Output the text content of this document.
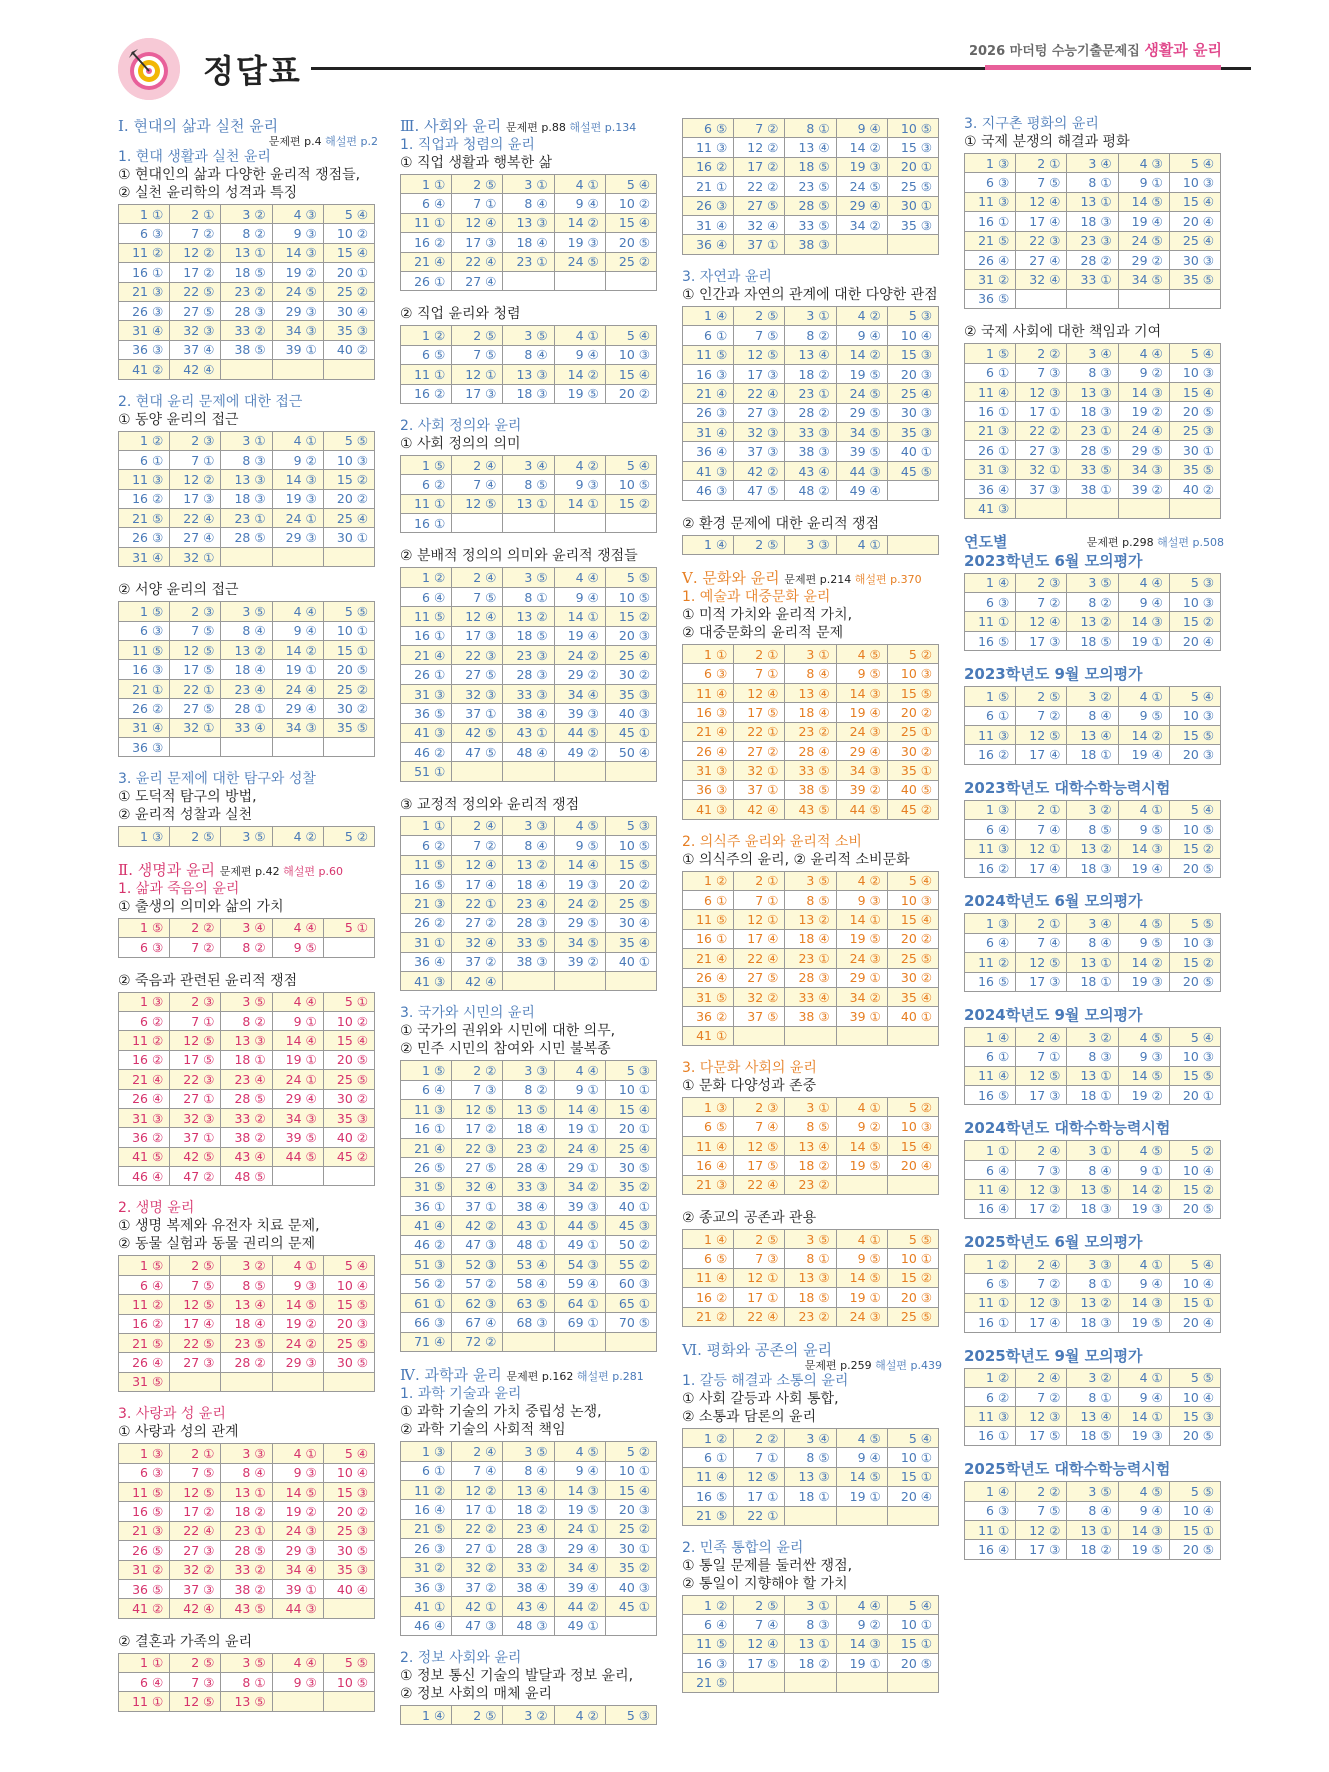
정답표
2026 마더텅 수능기출문제집 생활과 윤리
Ⅰ. 현대의 삶과 실천 윤리
문제편 p.4 해설편 p.2
1. 현대 생활과 실천 윤리
① 현대인의 삶과 다양한 윤리적 쟁점들,
② 실천 윤리학의 성격과 특징
1 ①	2 ①	3 ②	4 ③	5 ④
6 ③	7 ②	8 ②	9 ③	10 ②
11 ②	12 ②	13 ①	14 ③	15 ④
16 ①	17 ②	18 ⑤	19 ②	20 ①
21 ③	22 ⑤	23 ②	24 ⑤	25 ②
26 ③	27 ⑤	28 ③	29 ③	30 ④
31 ④	32 ③	33 ②	34 ③	35 ③
36 ③	37 ④	38 ⑤	39 ①	40 ②
41 ②	42 ④			
2. 현대 윤리 문제에 대한 접근
① 동양 윤리의 접근
1 ②	2 ③	3 ①	4 ①	5 ⑤
6 ①	7 ①	8 ③	9 ②	10 ③
11 ③	12 ②	13 ③	14 ③	15 ②
16 ②	17 ③	18 ③	19 ③	20 ②
21 ⑤	22 ④	23 ①	24 ①	25 ④
26 ③	27 ④	28 ⑤	29 ③	30 ①
31 ④	32 ①			
② 서양 윤리의 접근
1 ⑤	2 ③	3 ⑤	4 ④	5 ⑤
6 ③	7 ⑤	8 ④	9 ④	10 ①
11 ⑤	12 ⑤	13 ②	14 ②	15 ①
16 ③	17 ⑤	18 ④	19 ①	20 ⑤
21 ①	22 ①	23 ④	24 ④	25 ②
26 ②	27 ⑤	28 ①	29 ④	30 ②
31 ④	32 ①	33 ④	34 ③	35 ⑤
36 ③				
3. 윤리 문제에 대한 탐구와 성찰
① 도덕적 탐구의 방법,
② 윤리적 성찰과 실천
1 ③	2 ⑤	3 ⑤	4 ②	5 ②
Ⅱ. 생명과 윤리 문제편 p.42 해설편 p.60
1. 삶과 죽음의 윤리
① 출생의 의미와 삶의 가치
1 ⑤	2 ②	3 ④	4 ④	5 ①
6 ③	7 ②	8 ②	9 ⑤	
② 죽음과 관련된 윤리적 쟁점
1 ③	2 ③	3 ⑤	4 ④	5 ①
6 ②	7 ①	8 ②	9 ①	10 ②
11 ②	12 ⑤	13 ③	14 ④	15 ④
16 ②	17 ⑤	18 ①	19 ①	20 ⑤
21 ④	22 ③	23 ④	24 ①	25 ⑤
26 ④	27 ①	28 ⑤	29 ④	30 ②
31 ③	32 ③	33 ②	34 ③	35 ③
36 ②	37 ①	38 ②	39 ⑤	40 ②
41 ⑤	42 ⑤	43 ④	44 ⑤	45 ②
46 ④	47 ②	48 ⑤		
2. 생명 윤리
① 생명 복제와 유전자 치료 문제,
② 동물 실험과 동물 권리의 문제
1 ⑤	2 ⑤	3 ②	4 ①	5 ④
6 ④	7 ⑤	8 ⑤	9 ③	10 ④
11 ②	12 ⑤	13 ④	14 ⑤	15 ⑤
16 ②	17 ④	18 ④	19 ②	20 ③
21 ⑤	22 ⑤	23 ⑤	24 ②	25 ⑤
26 ④	27 ③	28 ②	29 ③	30 ⑤
31 ⑤				
3. 사랑과 성 윤리
① 사랑과 성의 관계
1 ③	2 ①	3 ③	4 ①	5 ④
6 ③	7 ⑤	8 ④	9 ③	10 ④
11 ⑤	12 ⑤	13 ①	14 ⑤	15 ③
16 ⑤	17 ②	18 ②	19 ②	20 ②
21 ③	22 ④	23 ①	24 ③	25 ③
26 ⑤	27 ③	28 ⑤	29 ③	30 ⑤
31 ②	32 ②	33 ②	34 ④	35 ③
36 ⑤	37 ③	38 ②	39 ①	40 ④
41 ②	42 ④	43 ⑤	44 ③	
② 결혼과 가족의 윤리
1 ①	2 ⑤	3 ⑤	4 ④	5 ⑤
6 ④	7 ③	8 ①	9 ③	10 ⑤
11 ①	12 ⑤	13 ⑤		
Ⅲ. 사회와 윤리 문제편 p.88 해설편 p.134
1. 직업과 청렴의 윤리
① 직업 생활과 행복한 삶
1 ①	2 ⑤	3 ①	4 ①	5 ④
6 ④	7 ①	8 ④	9 ④	10 ②
11 ①	12 ④	13 ③	14 ②	15 ④
16 ②	17 ③	18 ④	19 ③	20 ⑤
21 ④	22 ④	23 ①	24 ⑤	25 ②
26 ①	27 ④			
② 직업 윤리와 청렴
1 ②	2 ⑤	3 ⑤	4 ①	5 ④
6 ⑤	7 ⑤	8 ④	9 ④	10 ③
11 ①	12 ①	13 ③	14 ②	15 ④
16 ②	17 ③	18 ③	19 ⑤	20 ②
2. 사회 정의와 윤리
① 사회 정의의 의미
1 ⑤	2 ④	3 ④	4 ②	5 ④
6 ②	7 ④	8 ⑤	9 ③	10 ⑤
11 ①	12 ⑤	13 ①	14 ①	15 ②
16 ①				
② 분배적 정의의 의미와 윤리적 쟁점들
1 ②	2 ④	3 ⑤	4 ④	5 ⑤
6 ④	7 ⑤	8 ①	9 ④	10 ⑤
11 ⑤	12 ④	13 ②	14 ①	15 ②
16 ①	17 ③	18 ⑤	19 ④	20 ③
21 ④	22 ③	23 ③	24 ②	25 ④
26 ①	27 ⑤	28 ③	29 ②	30 ②
31 ③	32 ③	33 ③	34 ④	35 ③
36 ⑤	37 ①	38 ④	39 ③	40 ③
41 ③	42 ⑤	43 ①	44 ⑤	45 ①
46 ②	47 ⑤	48 ④	49 ②	50 ④
51 ①				
③ 교정적 정의와 윤리적 쟁점
1 ①	2 ④	3 ③	4 ⑤	5 ③
6 ②	7 ②	8 ④	9 ⑤	10 ⑤
11 ⑤	12 ④	13 ②	14 ④	15 ⑤
16 ⑤	17 ④	18 ④	19 ③	20 ②
21 ③	22 ①	23 ④	24 ②	25 ⑤
26 ②	27 ②	28 ③	29 ⑤	30 ④
31 ①	32 ④	33 ⑤	34 ⑤	35 ④
36 ④	37 ②	38 ③	39 ②	40 ①
41 ③	42 ④			
3. 국가와 시민의 윤리
① 국가의 권위와 시민에 대한 의무,
② 민주 시민의 참여와 시민 불복종
1 ⑤	2 ②	3 ③	4 ④	5 ③
6 ④	7 ③	8 ②	9 ①	10 ①
11 ③	12 ⑤	13 ⑤	14 ④	15 ④
16 ①	17 ②	18 ④	19 ①	20 ①
21 ④	22 ③	23 ②	24 ④	25 ④
26 ⑤	27 ⑤	28 ④	29 ①	30 ⑤
31 ⑤	32 ④	33 ③	34 ②	35 ②
36 ①	37 ①	38 ④	39 ③	40 ①
41 ④	42 ②	43 ①	44 ⑤	45 ③
46 ②	47 ③	48 ①	49 ①	50 ②
51 ③	52 ③	53 ④	54 ③	55 ②
56 ②	57 ②	58 ④	59 ④	60 ③
61 ①	62 ③	63 ⑤	64 ①	65 ①
66 ③	67 ④	68 ③	69 ①	70 ⑤
71 ④	72 ②			
Ⅳ. 과학과 윤리 문제편 p.162 해설편 p.281
1. 과학 기술과 윤리
① 과학 기술의 가치 중립성 논쟁,
② 과학 기술의 사회적 책임
1 ③	2 ④	3 ⑤	4 ⑤	5 ②
6 ①	7 ④	8 ④	9 ④	10 ①
11 ②	12 ②	13 ④	14 ③	15 ④
16 ④	17 ①	18 ②	19 ⑤	20 ③
21 ⑤	22 ②	23 ④	24 ①	25 ②
26 ③	27 ①	28 ③	29 ④	30 ①
31 ②	32 ②	33 ②	34 ④	35 ②
36 ③	37 ②	38 ④	39 ④	40 ③
41 ①	42 ①	43 ④	44 ②	45 ①
46 ④	47 ③	48 ③	49 ①	
2. 정보 사회와 윤리
① 정보 통신 기술의 발달과 정보 윤리,
② 정보 사회의 매체 윤리
1 ④	2 ⑤	3 ②	4 ②	5 ③
6 ⑤	7 ②	8 ①	9 ④	10 ⑤
11 ③	12 ②	13 ④	14 ②	15 ③
16 ②	17 ②	18 ⑤	19 ③	20 ①
21 ①	22 ②	23 ⑤	24 ⑤	25 ⑤
26 ③	27 ⑤	28 ⑤	29 ④	30 ①
31 ④	32 ④	33 ⑤	34 ②	35 ③
36 ④	37 ①	38 ③		
3. 자연과 윤리
① 인간과 자연의 관계에 대한 다양한 관점
1 ④	2 ⑤	3 ①	4 ②	5 ③
6 ①	7 ⑤	8 ②	9 ④	10 ④
11 ⑤	12 ⑤	13 ④	14 ②	15 ③
16 ③	17 ③	18 ②	19 ⑤	20 ③
21 ④	22 ④	23 ①	24 ⑤	25 ④
26 ③	27 ③	28 ②	29 ⑤	30 ③
31 ④	32 ③	33 ③	34 ⑤	35 ③
36 ④	37 ③	38 ③	39 ⑤	40 ①
41 ③	42 ②	43 ④	44 ③	45 ⑤
46 ③	47 ⑤	48 ②	49 ④	
② 환경 문제에 대한 윤리적 쟁점
1 ④	2 ⑤	3 ③	4 ①	
Ⅴ. 문화와 윤리 문제편 p.214 해설편 p.370
1. 예술과 대중문화 윤리
① 미적 가치와 윤리적 가치,
② 대중문화의 윤리적 문제
1 ①	2 ①	3 ①	4 ⑤	5 ②
6 ③	7 ①	8 ④	9 ⑤	10 ③
11 ④	12 ④	13 ④	14 ③	15 ⑤
16 ③	17 ⑤	18 ④	19 ④	20 ②
21 ④	22 ①	23 ②	24 ③	25 ①
26 ④	27 ②	28 ④	29 ④	30 ②
31 ③	32 ①	33 ⑤	34 ③	35 ①
36 ③	37 ①	38 ⑤	39 ②	40 ⑤
41 ③	42 ④	43 ⑤	44 ⑤	45 ②
2. 의식주 윤리와 윤리적 소비
① 의식주의 윤리, ② 윤리적 소비문화
1 ②	2 ①	3 ⑤	4 ②	5 ④
6 ①	7 ①	8 ⑤	9 ③	10 ③
11 ⑤	12 ①	13 ②	14 ①	15 ④
16 ①	17 ④	18 ④	19 ⑤	20 ②
21 ④	22 ④	23 ①	24 ③	25 ⑤
26 ④	27 ⑤	28 ③	29 ①	30 ②
31 ⑤	32 ②	33 ④	34 ②	35 ④
36 ②	37 ⑤	38 ③	39 ①	40 ①
41 ①				
3. 다문화 사회의 윤리
① 문화 다양성과 존중
1 ③	2 ③	3 ①	4 ①	5 ②
6 ⑤	7 ④	8 ⑤	9 ②	10 ③
11 ④	12 ⑤	13 ④	14 ⑤	15 ④
16 ④	17 ⑤	18 ②	19 ⑤	20 ④
21 ③	22 ④	23 ②		
② 종교의 공존과 관용
1 ④	2 ⑤	3 ⑤	4 ①	5 ⑤
6 ⑤	7 ③	8 ①	9 ⑤	10 ①
11 ④	12 ①	13 ③	14 ⑤	15 ②
16 ②	17 ①	18 ⑤	19 ①	20 ③
21 ②	22 ④	23 ②	24 ③	25 ⑤
Ⅵ. 평화와 공존의 윤리
문제편 p.259 해설편 p.439
1. 갈등 해결과 소통의 윤리
① 사회 갈등과 사회 통합,
② 소통과 담론의 윤리
1 ②	2 ②	3 ④	4 ⑤	5 ④
6 ①	7 ①	8 ⑤	9 ④	10 ①
11 ④	12 ⑤	13 ③	14 ⑤	15 ①
16 ⑤	17 ①	18 ①	19 ①	20 ④
21 ⑤	22 ①			
2. 민족 통합의 윤리
① 통일 문제를 둘러싼 쟁점,
② 통일이 지향해야 할 가치
1 ②	2 ⑤	3 ①	4 ④	5 ④
6 ④	7 ④	8 ③	9 ②	10 ①
11 ⑤	12 ④	13 ①	14 ③	15 ①
16 ③	17 ⑤	18 ②	19 ①	20 ⑤
21 ⑤				
3. 지구촌 평화의 윤리
① 국제 분쟁의 해결과 평화
1 ③	2 ①	3 ④	4 ③	5 ④
6 ③	7 ⑤	8 ①	9 ①	10 ③
11 ③	12 ④	13 ①	14 ⑤	15 ④
16 ①	17 ④	18 ③	19 ④	20 ④
21 ⑤	22 ③	23 ③	24 ⑤	25 ④
26 ④	27 ④	28 ②	29 ②	30 ③
31 ②	32 ④	33 ①	34 ⑤	35 ⑤
36 ⑤				
② 국제 사회에 대한 책임과 기여
1 ⑤	2 ②	3 ④	4 ④	5 ④
6 ①	7 ③	8 ③	9 ②	10 ③
11 ④	12 ③	13 ③	14 ③	15 ④
16 ①	17 ①	18 ③	19 ②	20 ⑤
21 ③	22 ②	23 ①	24 ④	25 ③
26 ①	27 ③	28 ⑤	29 ⑤	30 ①
31 ③	32 ①	33 ⑤	34 ③	35 ⑤
36 ④	37 ③	38 ①	39 ②	40 ②
41 ③				
연도별	문제편 p.298 해설편 p.508
2023학년도 6월 모의평가
1 ④	2 ③	3 ⑤	4 ④	5 ③
6 ③	7 ②	8 ②	9 ④	10 ③
11 ①	12 ④	13 ②	14 ③	15 ②
16 ⑤	17 ③	18 ⑤	19 ①	20 ④
2023학년도 9월 모의평가
1 ⑤	2 ⑤	3 ②	4 ①	5 ④
6 ①	7 ②	8 ④	9 ⑤	10 ③
11 ③	12 ⑤	13 ④	14 ②	15 ⑤
16 ②	17 ④	18 ①	19 ④	20 ③
2023학년도 대학수학능력시험
1 ③	2 ①	3 ②	4 ①	5 ④
6 ④	7 ④	8 ⑤	9 ⑤	10 ⑤
11 ③	12 ①	13 ②	14 ③	15 ②
16 ②	17 ④	18 ③	19 ④	20 ⑤
2024학년도 6월 모의평가
1 ③	2 ①	3 ④	4 ⑤	5 ⑤
6 ④	7 ④	8 ④	9 ⑤	10 ③
11 ②	12 ⑤	13 ①	14 ②	15 ②
16 ⑤	17 ③	18 ①	19 ③	20 ⑤
2024학년도 9월 모의평가
1 ④	2 ④	3 ②	4 ⑤	5 ④
6 ①	7 ①	8 ③	9 ③	10 ③
11 ④	12 ⑤	13 ①	14 ⑤	15 ⑤
16 ⑤	17 ③	18 ①	19 ②	20 ①
2024학년도 대학수학능력시험
1 ①	2 ④	3 ①	4 ⑤	5 ②
6 ④	7 ③	8 ④	9 ①	10 ④
11 ④	12 ③	13 ⑤	14 ②	15 ②
16 ④	17 ②	18 ③	19 ③	20 ⑤
2025학년도 6월 모의평가
1 ②	2 ④	3 ③	4 ①	5 ④
6 ⑤	7 ②	8 ①	9 ④	10 ④
11 ①	12 ③	13 ②	14 ③	15 ①
16 ①	17 ④	18 ③	19 ⑤	20 ④
2025학년도 9월 모의평가
1 ②	2 ④	3 ②	4 ①	5 ⑤
6 ②	7 ②	8 ①	9 ④	10 ④
11 ③	12 ③	13 ④	14 ①	15 ③
16 ①	17 ⑤	18 ⑤	19 ③	20 ⑤
2025학년도 대학수학능력시험
1 ④	2 ②	3 ⑤	4 ⑤	5 ⑤
6 ③	7 ⑤	8 ④	9 ④	10 ④
11 ①	12 ②	13 ①	14 ③	15 ①
16 ④	17 ③	18 ②	19 ⑤	20 ⑤
